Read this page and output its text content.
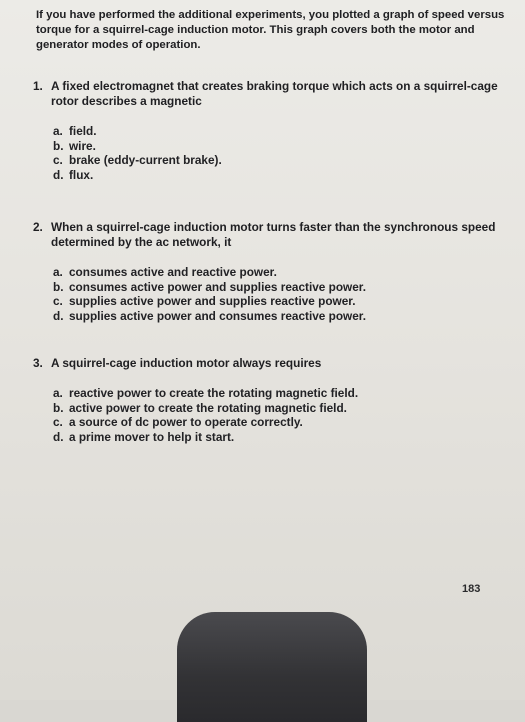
If you have performed the additional experiments, you plotted a graph of speed versus torque for a squirrel-cage induction motor. This graph covers both the motor and generator modes of operation.
1. A fixed electromagnet that creates braking torque which acts on a squirrel-cage rotor describes a magnetic
a. field.
b. wire.
c. brake (eddy-current brake).
d. flux.
2. When a squirrel-cage induction motor turns faster than the synchronous speed determined by the ac network, it
a. consumes active and reactive power.
b. consumes active power and supplies reactive power.
c. supplies active power and supplies reactive power.
d. supplies active power and consumes reactive power.
3. A squirrel-cage induction motor always requires
a. reactive power to create the rotating magnetic field.
b. active power to create the rotating magnetic field.
c. a source of dc power to operate correctly.
d. a prime mover to help it start.
183
